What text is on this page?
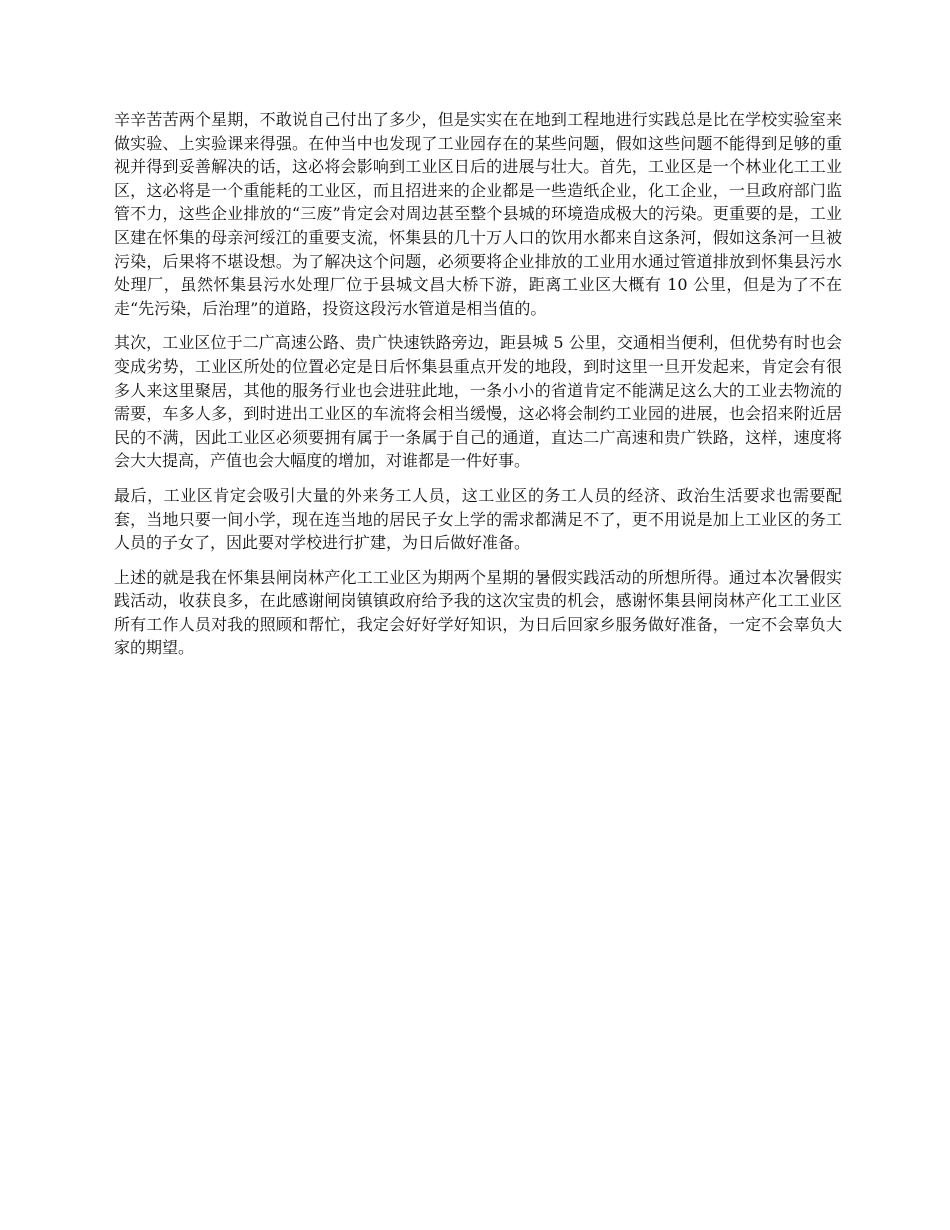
辛辛苦苦两个星期，不敢说自己付出了多少，但是实实在在地到工程地进行实践总是比在学校实验室来做实验、上实验课来得强。在仲当中也发现了工业园存在的某些问题，假如这些问题不能得到足够的重视并得到妥善解决的话，这必将会影响到工业区日后的进展与壮大。首先，工业区是一个林业化工工业区，这必将是一个重能耗的工业区，而且招进来的企业都是一些造纸企业，化工企业，一旦政府部门监管不力，这些企业排放的“三废”肯定会对周边甚至整个县城的环境造成极大的污染。更重要的是，工业区建在怀集的母亲河绥江的重要支流，怀集县的几十万人口的饮用水都来自这条河，假如这条河一旦被污染，后果将不堪设想。为了解决这个问题，必须要将企业排放的工业用水通过管道排放到怀集县污水处理厂，虽然怀集县污水处理厂位于县城文昌大桥下游，距离工业区大概有 10 公里，但是为了不在走“先污染，后治理”的道路，投资这段污水管道是相当值的。

其次，工业区位于二广高速公路、贵广快速铁路旁边，距县城 5 公里，交通相当便利，但优势有时也会变成劣势，工业区所处的位置必定是日后怀集县重点开发的地段，到时这里一旦开发起来，肯定会有很多人来这里聚居，其他的服务行业也会进驻此地，一条小小的省道肯定不能满足这么大的工业去物流的需要，车多人多，到时进出工业区的车流将会相当缓慢，这必将会制约工业园的进展，也会招来附近居民的不满，因此工业区必须要拥有属于一条属于自己的通道，直达二广高速和贵广铁路，这样，速度将会大大提高，产值也会大幅度的增加，对谁都是一件好事。

最后，工业区肯定会吸引大量的外来务工人员，这工业区的务工人员的经济、政治生活要求也需要配套，当地只要一间小学，现在连当地的居民子女上学的需求都满足不了，更不用说是加上工业区的务工人员的子女了，因此要对学校进行扩建，为日后做好准备。

上述的就是我在怀集县闸岗林产化工工业区为期两个星期的暑假实践活动的所想所得。通过本次暑假实践活动，收获良多，在此感谢闸岗镇镇政府给予我的这次宝贵的机会，感谢怀集县闸岗林产化工工业区所有工作人员对我的照顾和帮忙，我定会好好学好知识，为日后回家乡服务做好准备，一定不会辜负大家的期望。
